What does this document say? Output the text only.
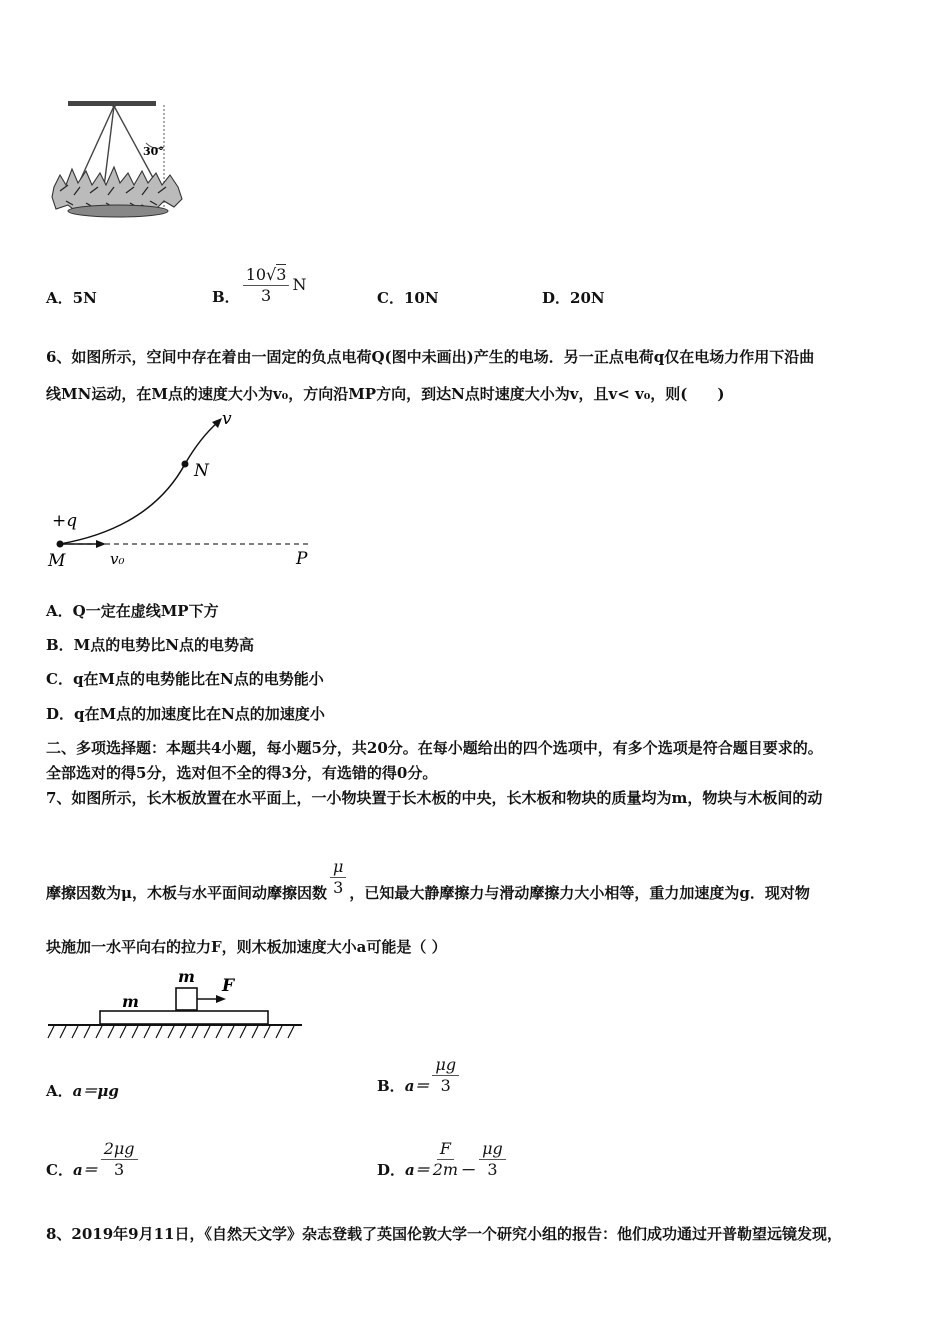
30°
A．5N	B． $\frac{10√3}{3}$ N
C．10N	D．20N
6、如图所示，空间中存在着由一固定的负点电荷Q(图中未画出)产生的电场．另一正点电荷q仅在电场力作用下沿曲
线MN运动，在M点的速度大小为v₀，方向沿MP方向，到达N点时速度大小为v，且v< v₀，则(　　)
v
N
+q
M	v₀	P
A．Q一定在虚线MP下方
B．M点的电势比N点的电势高
C．q在M点的电势能比在N点的电势能小
D．q在M点的加速度比在N点的加速度小
二、多项选择题：本题共4小题，每小题5分，共20分。在每小题给出的四个选项中，有多个选项是符合题目要求的。
全部选对的得5分，选对但不全的得3分，有选错的得0分。
7、如图所示，长木板放置在水平面上，一小物块置于长木板的中央，长木板和物块的质量均为m，物块与木板间的动
摩擦因数为μ，木板与水平面间动摩擦因数 $\frac{\mu}{3}$ ，已知最大静摩擦力与滑动摩擦力大小相等，重力加速度为g．现对物
块施加一水平向右的拉力F，则木板加速度大小a可能是（ ）
m
m
F
A．a＝μg	B． $a= \frac{\mu g}{3}$
C． $a= \frac{2\mu g}{3}$	D． $a= \frac{F}{2m} - \frac{\mu g}{3}$
8、2019年9月11日，《自然天文学》杂志登载了英国伦敦大学一个研究小组的报告：他们成功通过开普勒望远镜发现，
